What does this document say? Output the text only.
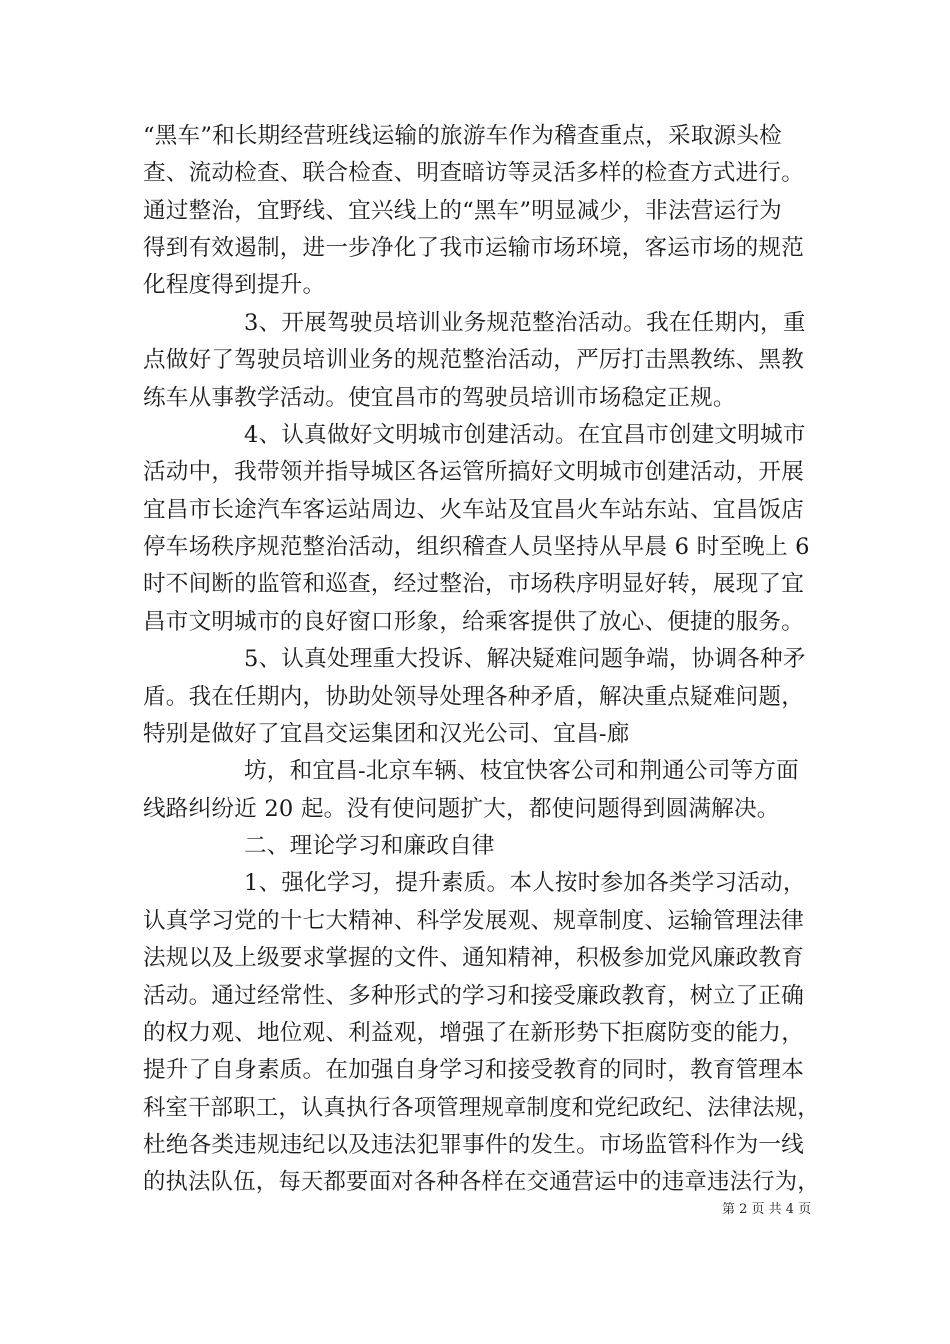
“黑车”和长期经营班线运输的旅游车作为稽查重点，采取源头检
查、流动检查、联合检查、明查暗访等灵活多样的检查方式进行。
通过整治，宜野线、宜兴线上的“黑车”明显减少，非法营运行为
得到有效遏制，进一步净化了我市运输市场环境，客运市场的规范
化程度得到提升。
3、开展驾驶员培训业务规范整治活动。我在任期内，重
点做好了驾驶员培训业务的规范整治活动，严厉打击黑教练、黑教
练车从事教学活动。使宜昌市的驾驶员培训市场稳定正规。
4、认真做好文明城市创建活动。在宜昌市创建文明城市
活动中，我带领并指导城区各运管所搞好文明城市创建活动，开展
宜昌市长途汽车客运站周边、火车站及宜昌火车站东站、宜昌饭店
停车场秩序规范整治活动，组织稽查人员坚持从早晨 6 时至晚上 6
时不间断的监管和巡查，经过整治，市场秩序明显好转，展现了宜
昌市文明城市的良好窗口形象，给乘客提供了放心、便捷的服务。
5、认真处理重大投诉、解决疑难问题争端，协调各种矛
盾。我在任期内，协助处领导处理各种矛盾，解决重点疑难问题，
特别是做好了宜昌交运集团和汉光公司、宜昌-廊
坊，和宜昌-北京车辆、枝宜快客公司和荆通公司等方面
线路纠纷近 20 起。没有使问题扩大，都使问题得到圆满解决。
二、理论学习和廉政自律
1、强化学习，提升素质。本人按时参加各类学习活动，
认真学习党的十七大精神、科学发展观、规章制度、运输管理法律
法规以及上级要求掌握的文件、通知精神，积极参加党风廉政教育
活动。通过经常性、多种形式的学习和接受廉政教育，树立了正确
的权力观、地位观、利益观，增强了在新形势下拒腐防变的能力，
提升了自身素质。在加强自身学习和接受教育的同时，教育管理本
科室干部职工，认真执行各项管理规章制度和党纪政纪、法律法规，
杜绝各类违规违纪以及违法犯罪事件的发生。市场监管科作为一线
的执法队伍，每天都要面对各种各样在交通营运中的违章违法行为，
第 2 页 共 4 页
